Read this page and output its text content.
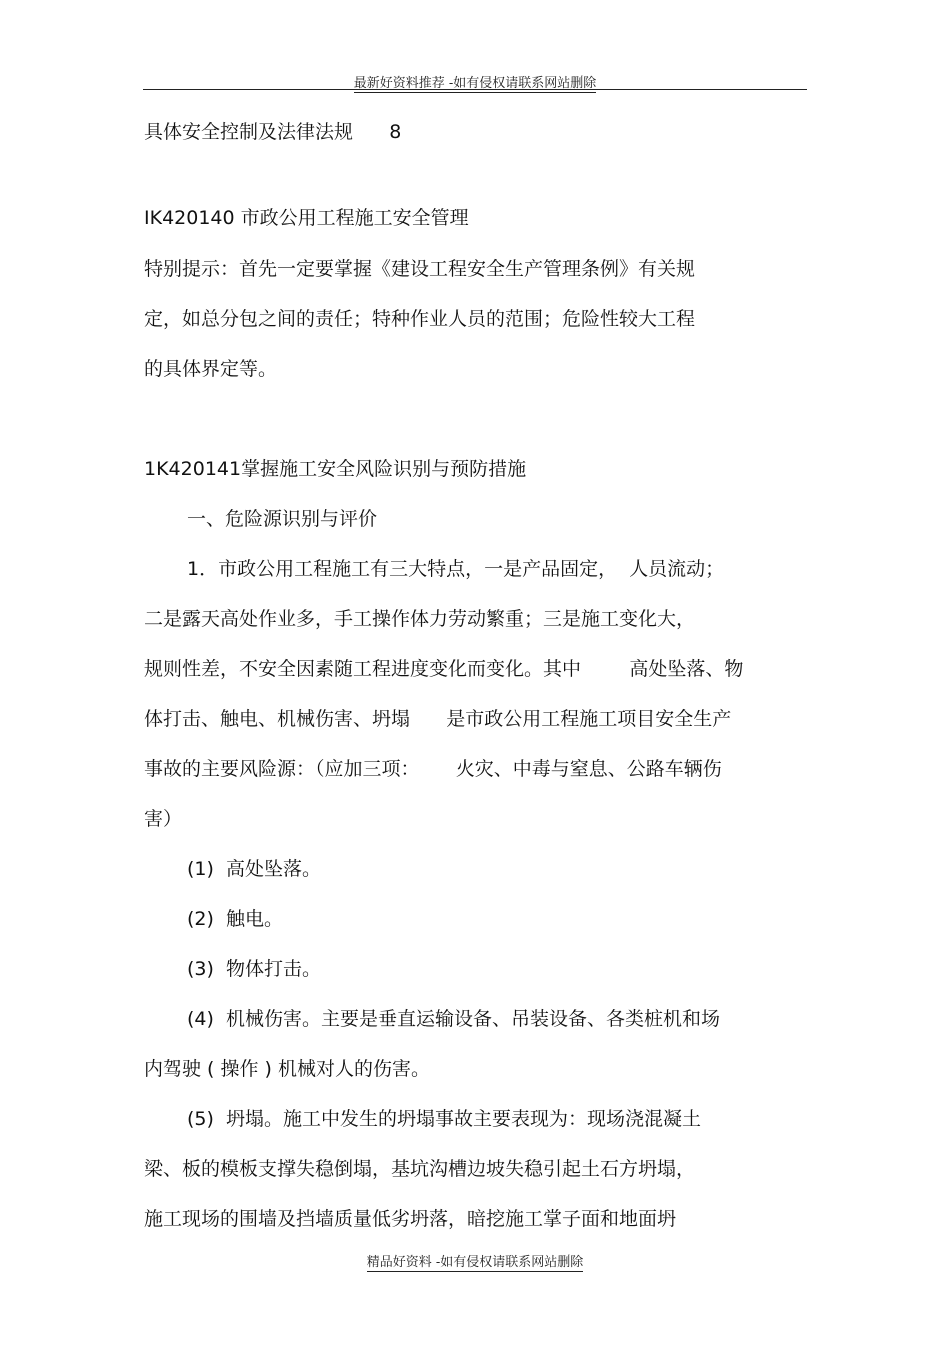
最新好资料推荐 -如有侵权请联系网站删除
具体安全控制及法律法规      8
IK420140 市政公用工程施工安全管理
特别提示：首先一定要掌握《建设工程安全生产管理条例》有关规
定，如总分包之间的责任；特种作业人员的范围；危险性较大工程
的具体界定等。
1K420141掌握施工安全风险识别与预防措施
一、危险源识别与评价
1．市政公用工程施工有三大特点，一是产品固定，  人员流动；
二是露天高处作业多，手工操作体力劳动繁重；三是施工变化大，
规则性差，不安全因素随工程进度变化而变化。其中        高处坠落、物
体打击、触电、机械伤害、坍塌      是市政公用工程施工项目安全生产
事故的主要风险源：（应加三项：      火灾、中毒与窒息、公路车辆伤
害）
(1)  高处坠落。
(2)  触电。
(3)  物体打击。
(4)  机械伤害。主要是垂直运输设备、吊装设备、各类桩机和场
内驾驶 ( 操作 ) 机械对人的伤害。
(5)  坍塌。施工中发生的坍塌事故主要表现为：现场浇混凝土
梁、板的模板支撑失稳倒塌，基坑沟槽边坡失稳引起土石方坍塌，
施工现场的围墙及挡墙质量低劣坍落，暗挖施工掌子面和地面坍
精品好资料 -如有侵权请联系网站删除
